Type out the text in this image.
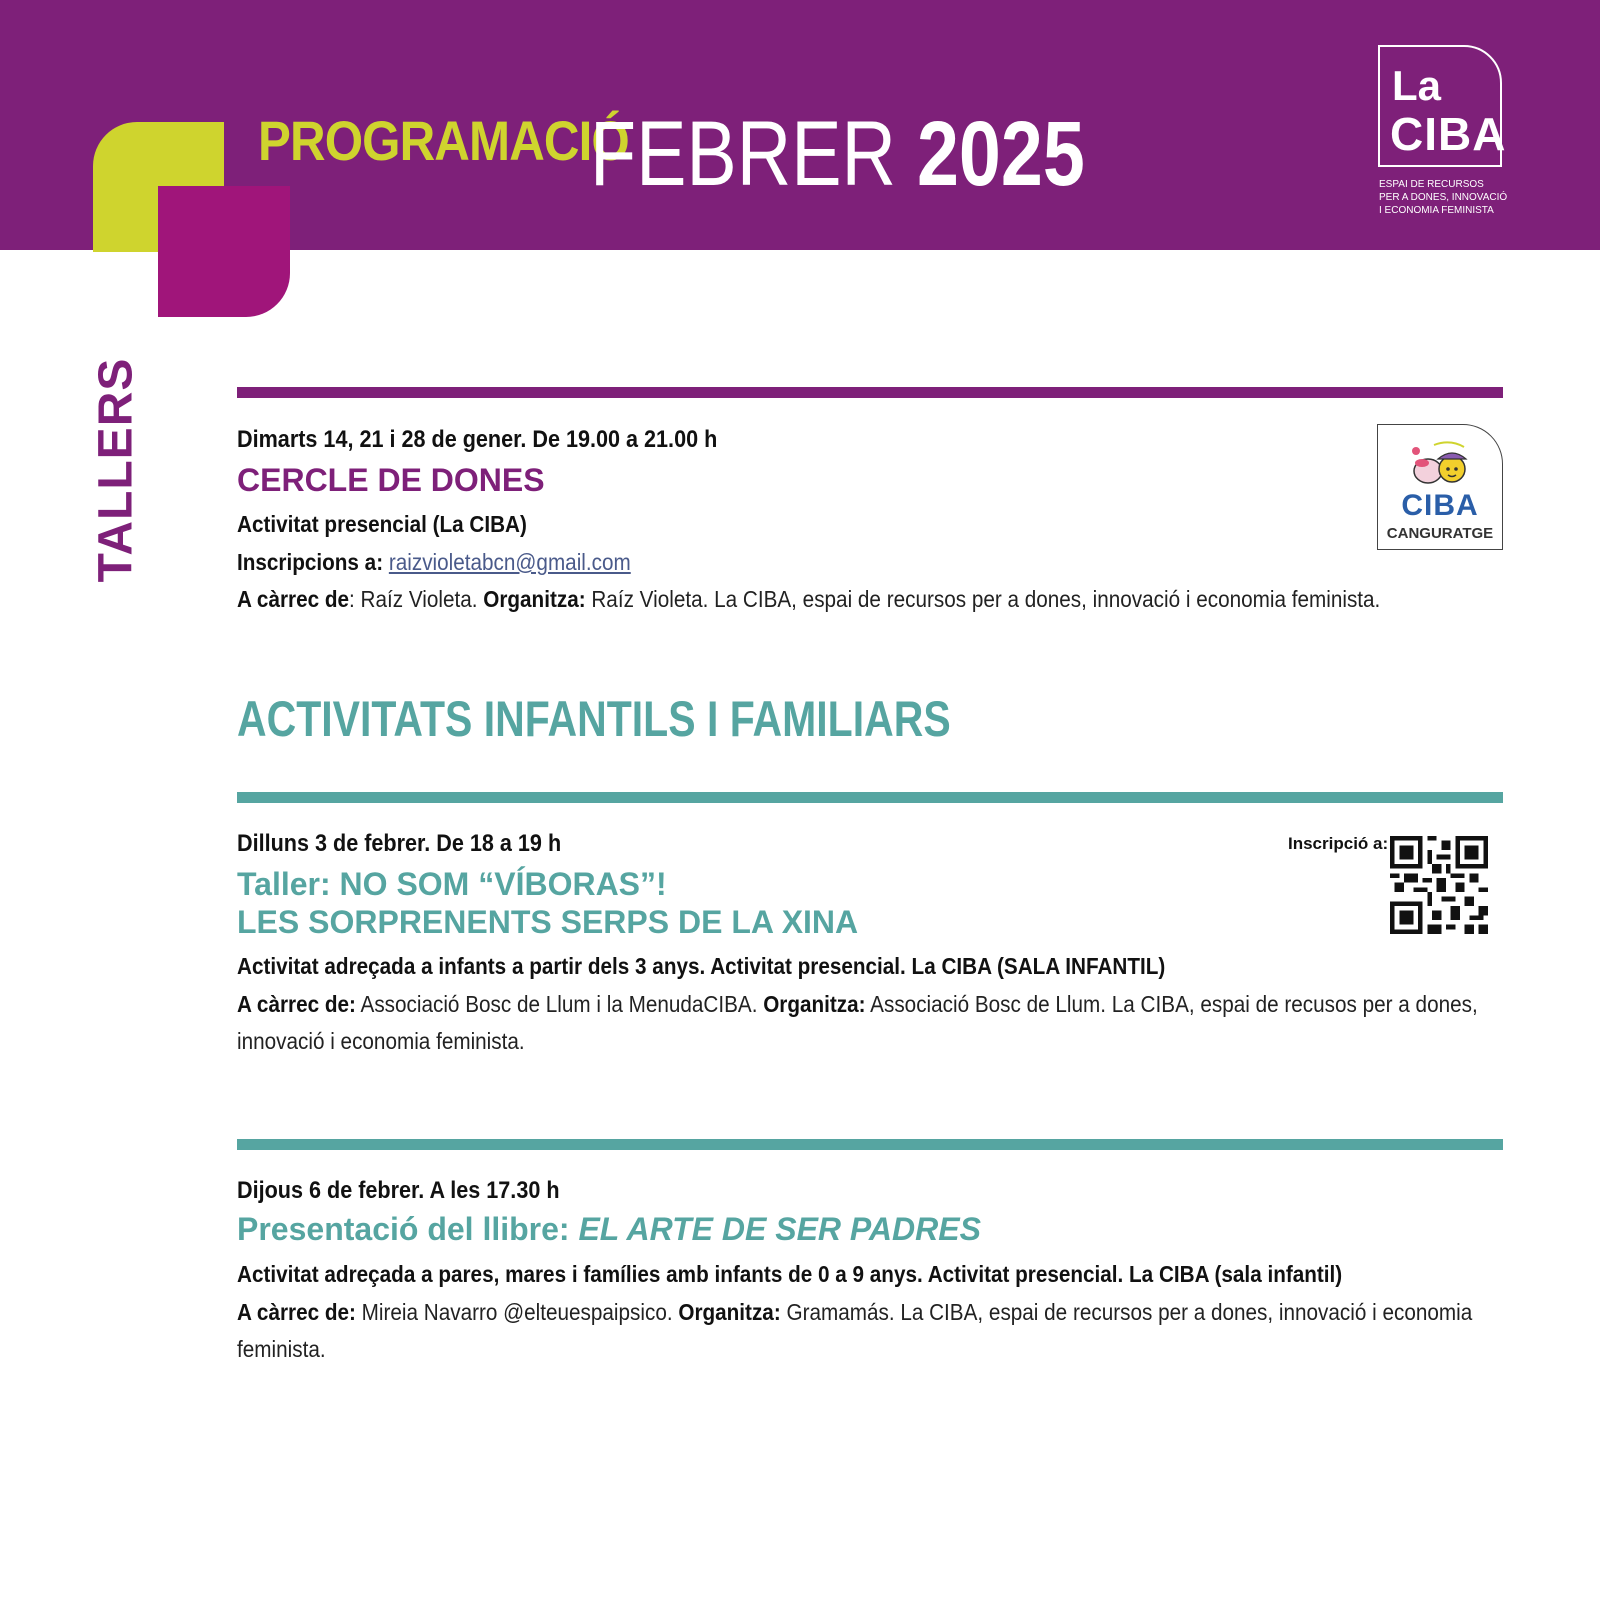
PROGRAMACIÓ
FEBRER 2025
La
CIBA
ESPAI DE RECURSOS
PER A DONES, INNOVACIÓ
I ECONOMIA FEMINISTA
TALLERS	Dimarts 14, 21 i 28 de gener. De 19.00 a 21.00 h
CERCLE DE DONES
Activitat presencial (La CIBA)
Inscripcions a: raizvioletabcn@gmail.com
A càrrec de: Raíz Violeta. Organitza: Raíz Violeta. La CIBA, espai de recursos per a dones, innovació i economia feminista.
CIBA
CANGURATGE
ACTIVITATS INFANTILS I FAMILIARS
Dilluns 3 de febrer. De 18 a 19 h
Taller: NO SOM “VÍBORAS”!
LES SORPRENENTS SERPS DE LA XINA
Activitat adreçada a infants a partir dels 3 anys. Activitat presencial. La CIBA (SALA INFANTIL)
A càrrec de: Associació Bosc de Llum i la MenudaCIBA. Organitza: Associació Bosc de Llum. La CIBA, espai de recusos per a dones,
innovació i economia feminista.
Inscripció a:
Dijous 6 de febrer. A les 17.30 h
Presentació del llibre: EL ARTE DE SER PADRES
Activitat adreçada a pares, mares i famílies amb infants de 0 a 9 anys. Activitat presencial. La CIBA (sala infantil)
A càrrec de: Mireia Navarro @elteuespaipsico. Organitza: Gramamás. La CIBA, espai de recursos per a dones, innovació i economia
feminista.
